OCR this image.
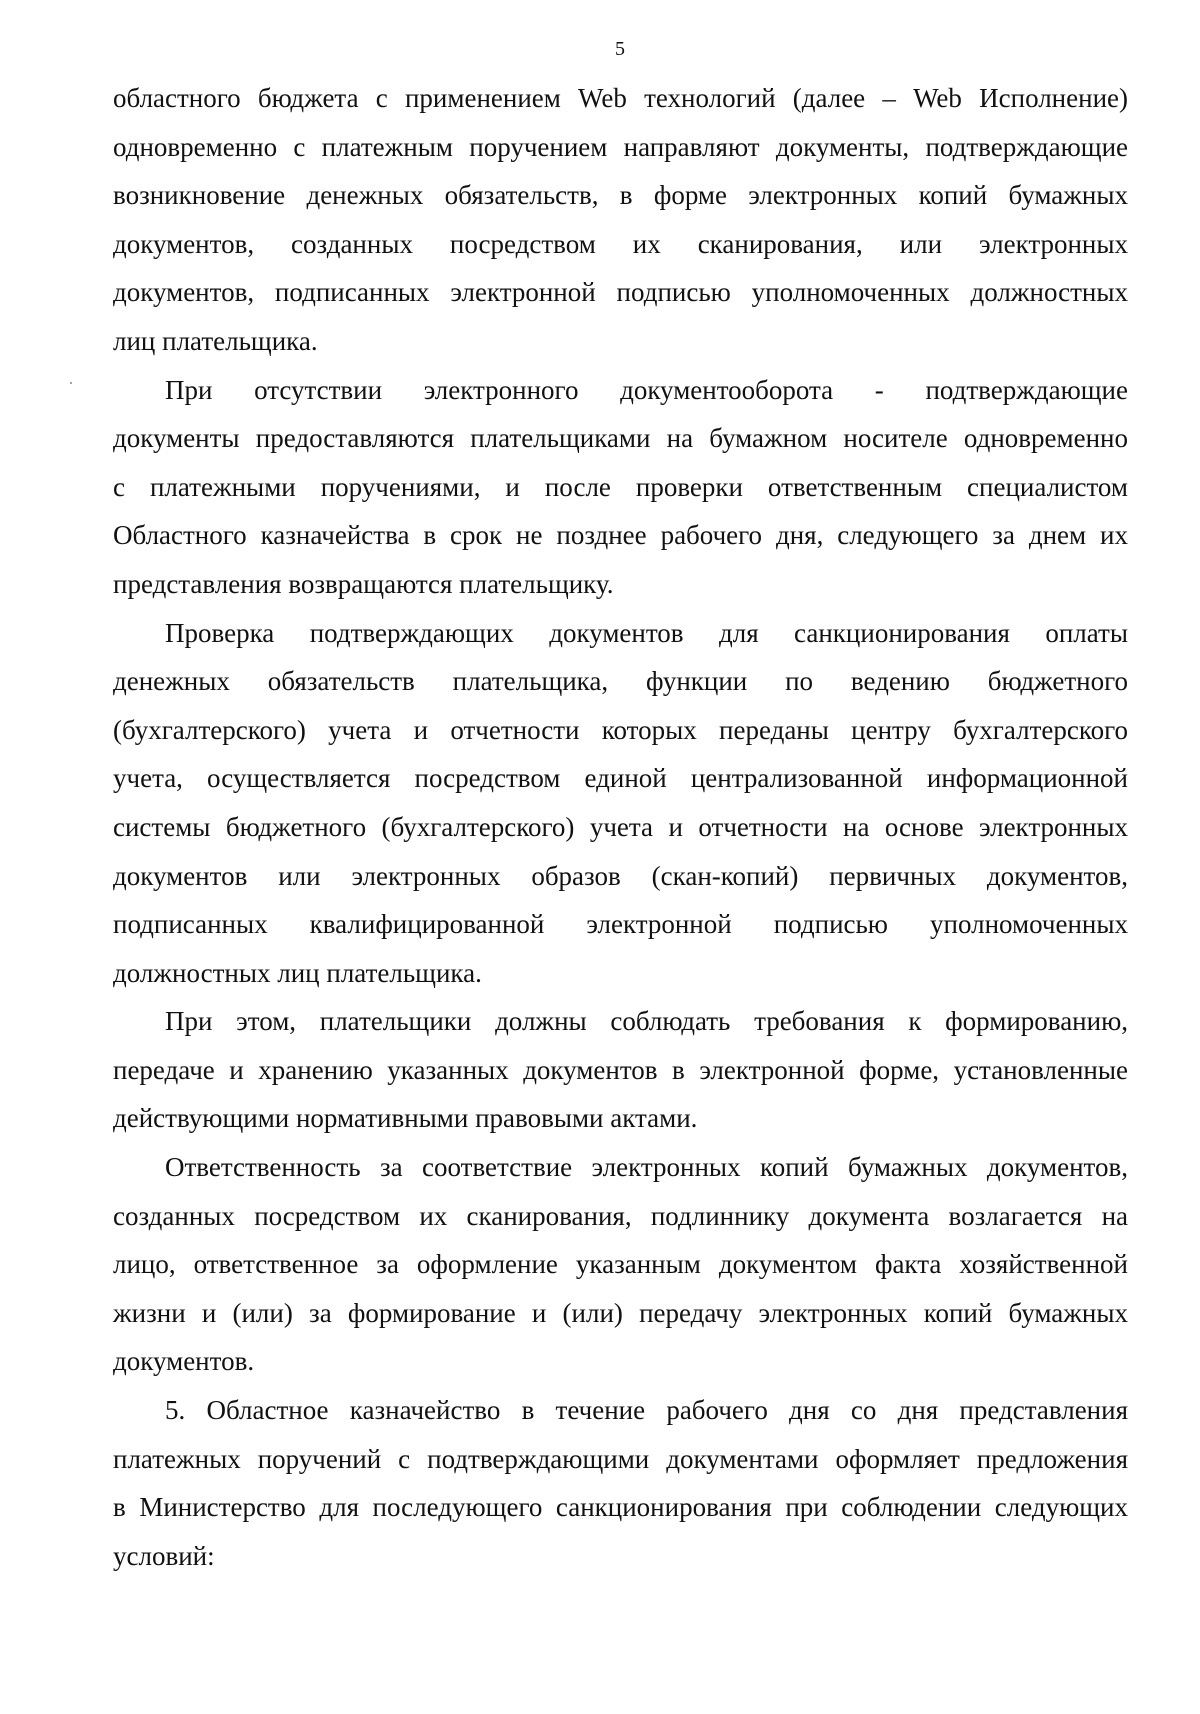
5
областного бюджета с применением Web технологий (далее – Web Исполнение)
одновременно с платежным поручением направляют документы, подтверждающие
возникновение денежных обязательств, в форме электронных копий бумажных
документов, созданных посредством их сканирования, или электронных
документов, подписанных электронной подписью уполномоченных должностных
лиц плательщика.
При отсутствии электронного документооборота - подтверждающие
документы предоставляются плательщиками на бумажном носителе одновременно
с платежными поручениями, и после проверки ответственным специалистом
Областного казначейства в срок не позднее рабочего дня, следующего за днем их
представления возвращаются плательщику.
Проверка подтверждающих документов для санкционирования оплаты
денежных обязательств плательщика, функции по ведению бюджетного
(бухгалтерского) учета и отчетности которых переданы центру бухгалтерского
учета, осуществляется посредством единой централизованной информационной
системы бюджетного (бухгалтерского) учета и отчетности на основе электронных
документов или электронных образов (скан-копий) первичных документов,
подписанных квалифицированной электронной подписью уполномоченных
должностных лиц плательщика.
При этом, плательщики должны соблюдать требования к формированию,
передаче и хранению указанных документов в электронной форме, установленные
действующими нормативными правовыми актами.
Ответственность за соответствие электронных копий бумажных документов,
созданных посредством их сканирования, подлиннику документа возлагается на
лицо, ответственное за оформление указанным документом факта хозяйственной
жизни и (или) за формирование и (или) передачу электронных копий бумажных
документов.
5. Областное казначейство в течение рабочего дня со дня представления
платежных поручений с подтверждающими документами оформляет предложения
в Министерство для последующего санкционирования при соблюдении следующих
условий:
